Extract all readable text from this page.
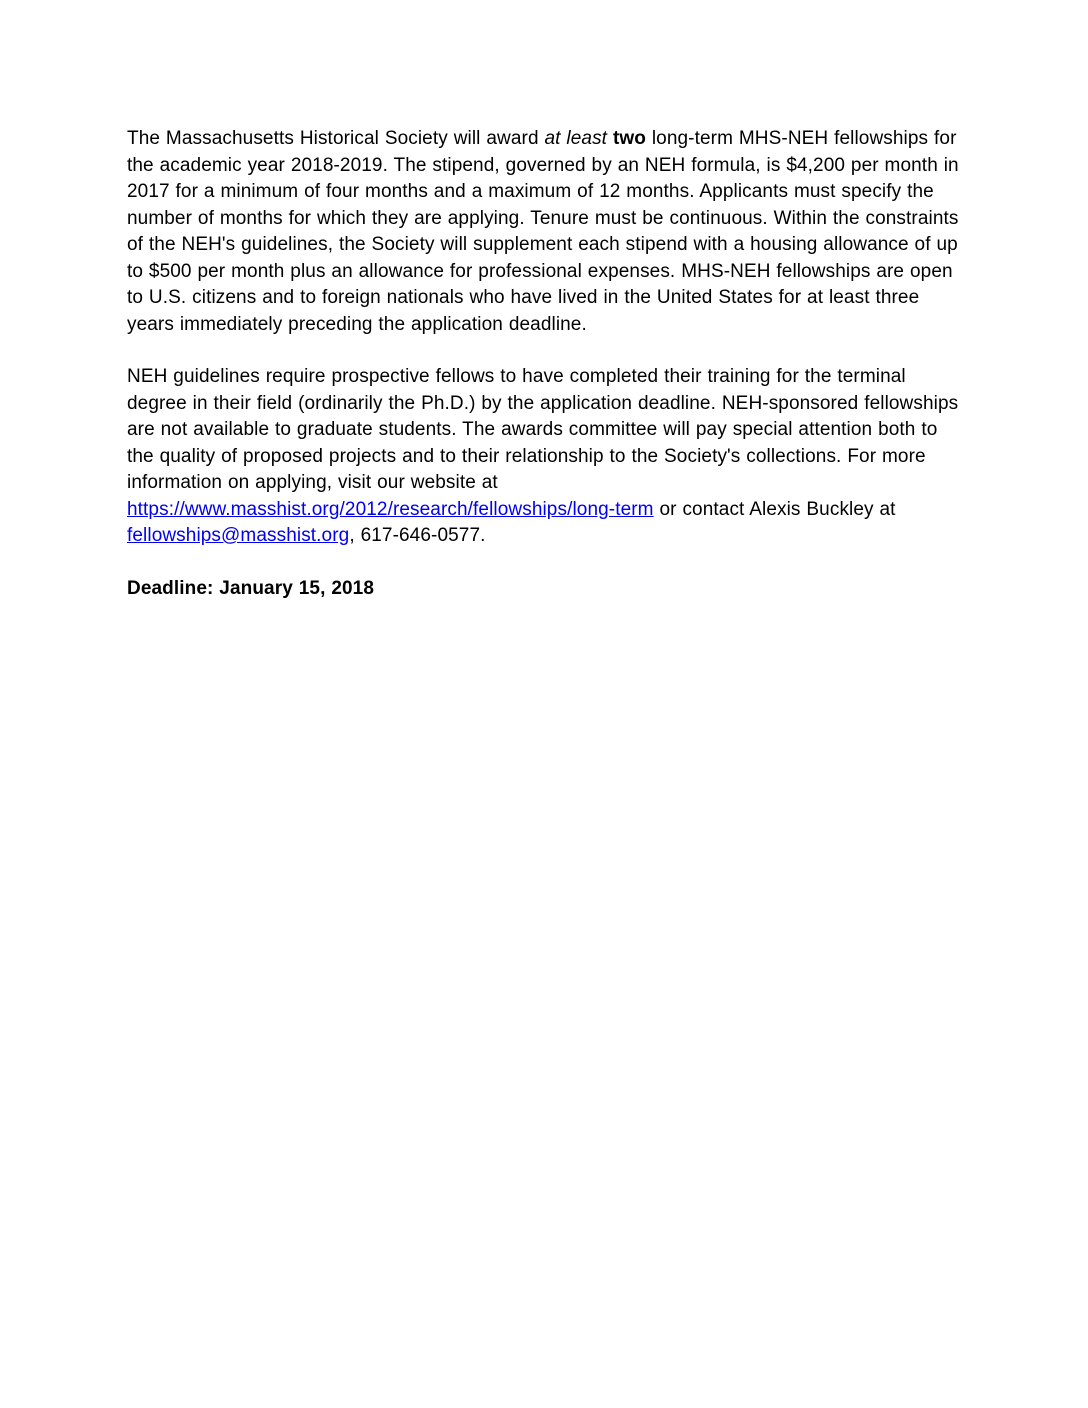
The Massachusetts Historical Society will award at least two long-term MHS-NEH fellowships for the academic year 2018-2019. The stipend, governed by an NEH formula, is $4,200 per month in 2017 for a minimum of four months and a maximum of 12 months. Applicants must specify the number of months for which they are applying. Tenure must be continuous. Within the constraints of the NEH's guidelines, the Society will supplement each stipend with a housing allowance of up to $500 per month plus an allowance for professional expenses. MHS-NEH fellowships are open to U.S. citizens and to foreign nationals who have lived in the United States for at least three years immediately preceding the application deadline.

NEH guidelines require prospective fellows to have completed their training for the terminal degree in their field (ordinarily the Ph.D.) by the application deadline. NEH-sponsored fellowships are not available to graduate students. The awards committee will pay special attention both to the quality of proposed projects and to their relationship to the Society's collections. For more information on applying, visit our website at https://www.masshist.org/2012/research/fellowships/long-term or contact Alexis Buckley at fellowships@masshist.org, 617-646-0577.

Deadline: January 15, 2018
